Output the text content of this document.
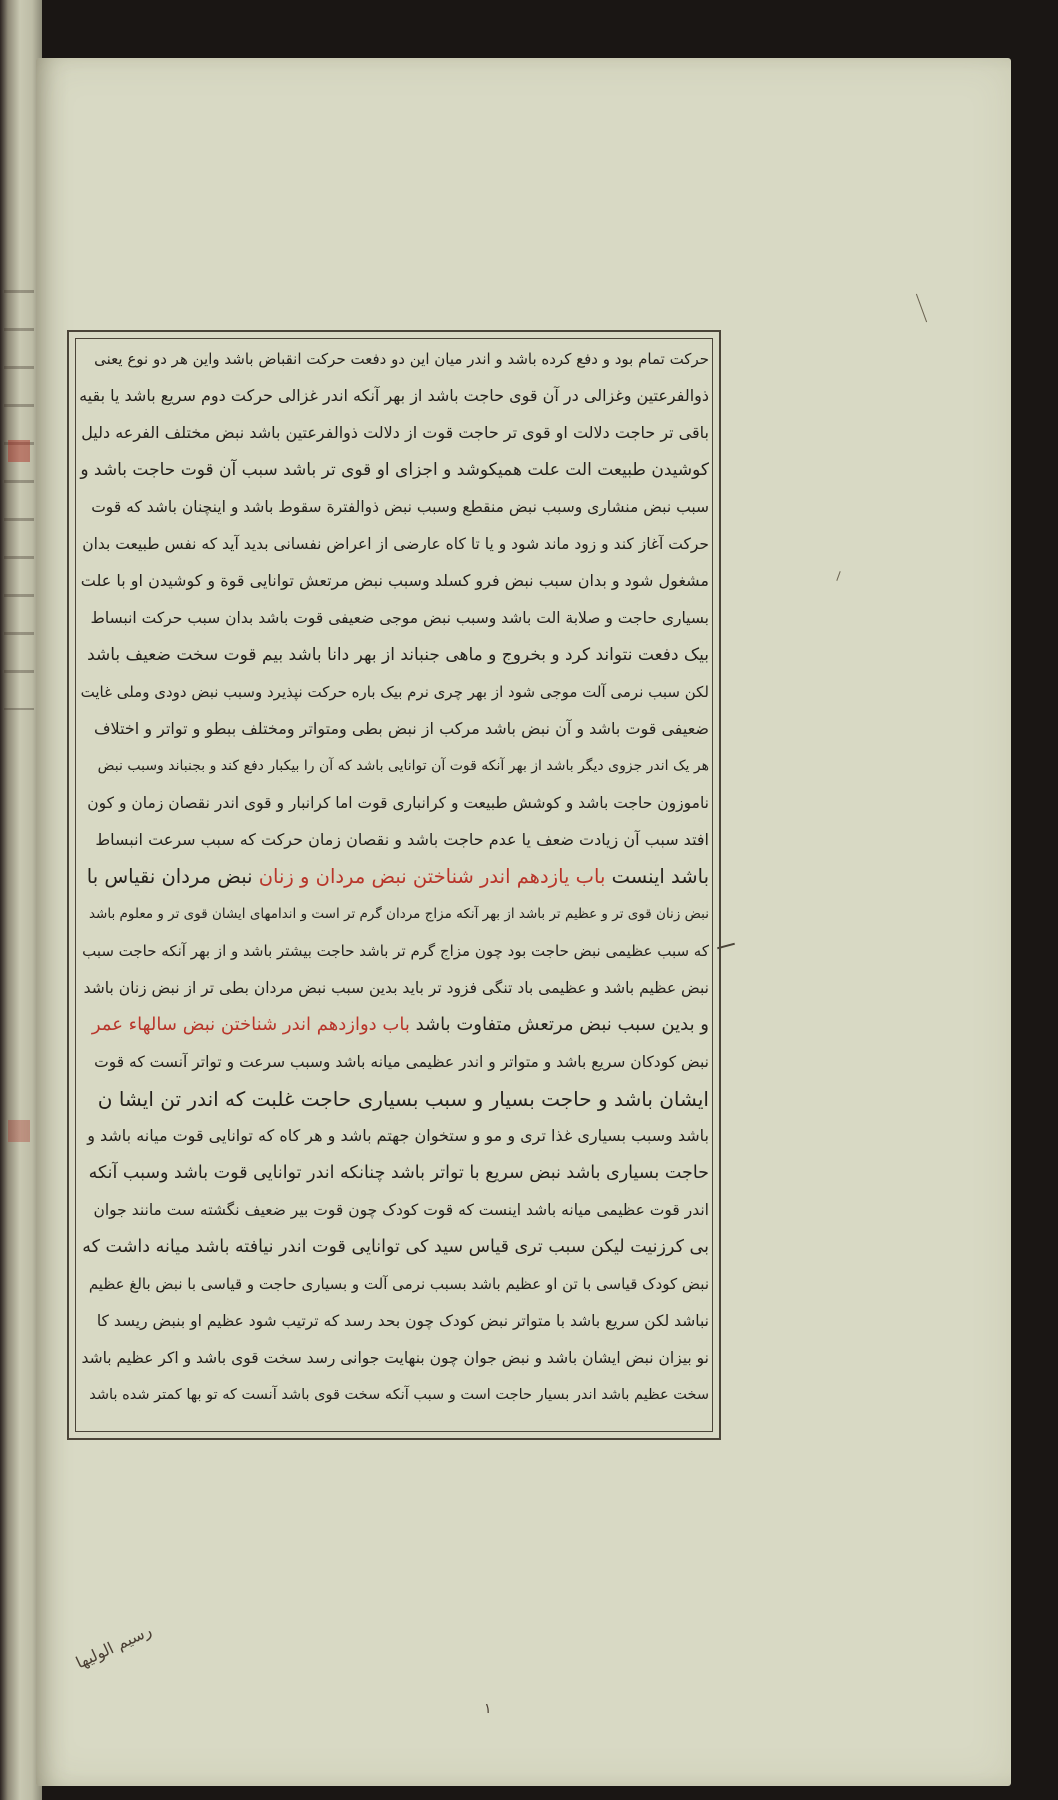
حرکت تمام بود و دفع کرده باشد و اندر میان این دو دفعت حرکت انقباض باشد واین هر دو نوع یعنی
ذوالفرعتین وغزالی در آن قوی حاجت باشد از بهر آنکه اندر غزالی حرکت دوم سریع باشد یا بقیه
باقی تر حاجت دلالت او قوی تر حاجت قوت از دلالت ذوالفرعتین باشد نبض مختلف الفرعه دلیل
کوشیدن طبیعت الت علت همیکوشد و اجزای او قوی تر باشد سبب آن قوت حاجت باشد و
سبب نبض منشاری وسبب نبض منقطع وسبب نبض ذوالفترة سقوط باشد و اینچنان باشد که قوت
حرکت آغاز کند و زود ماند شود و یا تا کاه عارضی از اعراض نفسانی بدید آید که نفس طبیعت بدان
مشغول شود و بدان سبب نبض فرو کسلد وسبب نبض مرتعش توانایی قوة و کوشیدن او با علت
بسیاری حاجت و صلابة الت باشد وسبب نبض موجی ضعیفی قوت باشد بدان سبب حرکت انبساط
بیک دفعت نتواند کرد و بخروج و ماهی جنباند از بهر دانا باشد بیم قوت سخت ضعیف باشد
لکن سبب نرمی آلت موجی شود از بهر چری نرم بیک باره حرکت نپذیرد وسبب نبض دودی وملی غایت
ضعیفی قوت باشد و آن نبض باشد مرکب از نبض بطی ومتواتر ومختلف ببطو و تواتر و اختلاف
هر یک اندر جزوی دیگر باشد از بهر آنکه قوت آن توانایی باشد که آن را بیکبار دفع کند و بجنباند وسبب نبض
ناموزون حاجت باشد و کوشش طبیعت و کرانباری قوت اما کرانبار و قوی اندر نقصان زمان و کون
افتد سبب آن زیادت ضعف یا عدم حاجت باشد و نقصان زمان حرکت که سبب سرعت انبساط
باشد اینست باب یازدهم اندر شناختن نبض مردان و زنان نبض مردان نقیاس با
نبض زنان قوی تر و عظیم تر باشد از بهر آنکه مزاج مردان گرم تر است و اندامهای ایشان قوی تر و معلوم باشد
که سبب عظیمی نبض حاجت بود چون مزاج گرم تر باشد حاجت بیشتر باشد و از بهر آنکه حاجت سبب
نبض عظیم باشد و عظیمی باد تنگی فزود تر باید بدین سبب نبض مردان بطی تر از نبض زنان باشد
و بدین سبب نبض مرتعش متفاوت باشد باب دوازدهم اندر شناختن نبض سالهاء عمر
نبض کودکان سریع باشد و متواتر و اندر عظیمی میانه باشد وسبب سرعت و تواتر آنست که قوت
ایشان باشد و حاجت بسیار و سبب بسیاری حاجت غلبت که اندر تن ایشا ن
باشد وسبب بسیاری غذا تری و مو و ستخوان جهتم باشد و هر کاه که توانایی قوت میانه باشد و
حاجت بسیاری باشد نبض سریع با تواتر باشد چنانکه اندر توانایی قوت باشد وسبب آنکه
اندر قوت عظیمی میانه باشد اینست که قوت کودک چون قوت بیر ضعیف نگشته ست مانند جوان
بی کرزنیت لیکن سبب تری قیاس سید کی توانایی قوت اندر نیافته باشد میانه داشت که
نبض کودک قیاسی با تن او عظیم باشد بسبب نرمی آلت و بسیاری حاجت و قیاسی با نبض بالغ عظیم
نباشد لکن سریع باشد با متواتر نبض کودک چون بحد رسد که ترتیب شود عظیم او بنبض ریسد کا
نو بیزان نبض ایشان باشد و نبض جوان چون بنهایت جوانی رسد سخت قوی باشد و اکر عظیم باشد
سخت عظیم باشد اندر بسیار حاجت است و سبب آنکه سخت قوی باشد آنست که تو بها کمتر شده باشد
رسیم الولیها
۱
